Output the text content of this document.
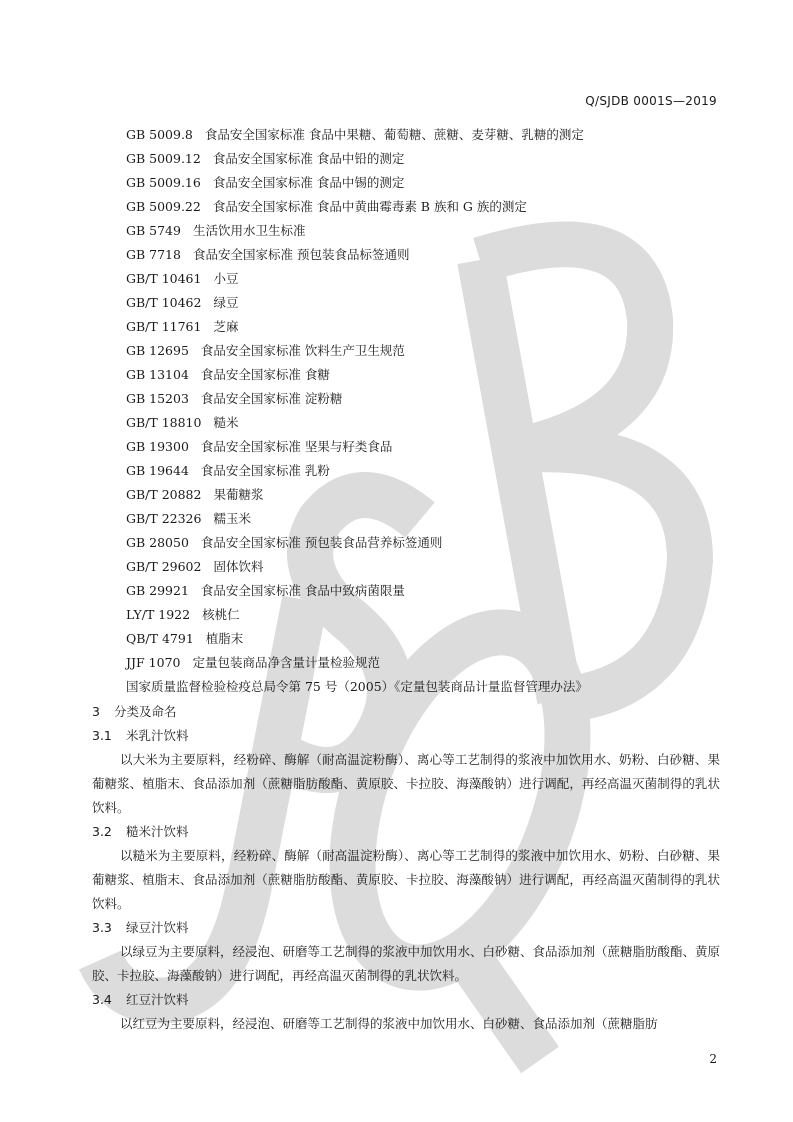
Q/SJDB 0001S—2019
GB 5009.8 食品安全国家标准 食品中果糖、葡萄糖、蔗糖、麦芽糖、乳糖的测定
GB 5009.12 食品安全国家标准 食品中铅的测定
GB 5009.16 食品安全国家标准 食品中锡的测定
GB 5009.22 食品安全国家标准 食品中黄曲霉毒素 B 族和 G 族的测定
GB 5749 生活饮用水卫生标准
GB 7718 食品安全国家标准 预包装食品标签通则
GB/T 10461 小豆
GB/T 10462 绿豆
GB/T 11761 芝麻
GB 12695 食品安全国家标准 饮料生产卫生规范
GB 13104 食品安全国家标准 食糖
GB 15203 食品安全国家标准 淀粉糖
GB/T 18810 糙米
GB 19300 食品安全国家标准 坚果与籽类食品
GB 19644 食品安全国家标准 乳粉
GB/T 20882 果葡糖浆
GB/T 22326 糯玉米
GB 28050 食品安全国家标准 预包装食品营养标签通则
GB/T 29602 固体饮料
GB 29921 食品安全国家标准 食品中致病菌限量
LY/T 1922 核桃仁
QB/T 4791 植脂末
JJF 1070 定量包装商品净含量计量检验规范
国家质量监督检验检疫总局令第 75 号（2005）《定量包装商品计量监督管理办法》
3 分类及命名
3.1 米乳汁饮料
以大米为主要原料，经粉碎、酶解（耐高温淀粉酶）、离心等工艺制得的浆液中加饮用水、奶粉、白砂糖、果葡糖浆、植脂末、食品添加剂（蔗糖脂肪酸酯、黄原胶、卡拉胶、海藻酸钠）进行调配，再经高温灭菌制得的乳状饮料。
3.2 糙米汁饮料
以糙米为主要原料，经粉碎、酶解（耐高温淀粉酶）、离心等工艺制得的浆液中加饮用水、奶粉、白砂糖、果葡糖浆、植脂末、食品添加剂（蔗糖脂肪酸酯、黄原胶、卡拉胶、海藻酸钠）进行调配，再经高温灭菌制得的乳状饮料。
3.3 绿豆汁饮料
以绿豆为主要原料，经浸泡、研磨等工艺制得的浆液中加饮用水、白砂糖、食品添加剂（蔗糖脂肪酸酯、黄原胶、卡拉胶、海藻酸钠）进行调配，再经高温灭菌制得的乳状饮料。
3.4 红豆汁饮料
以红豆为主要原料，经浸泡、研磨等工艺制得的浆液中加饮用水、白砂糖、食品添加剂（蔗糖脂肪
2
